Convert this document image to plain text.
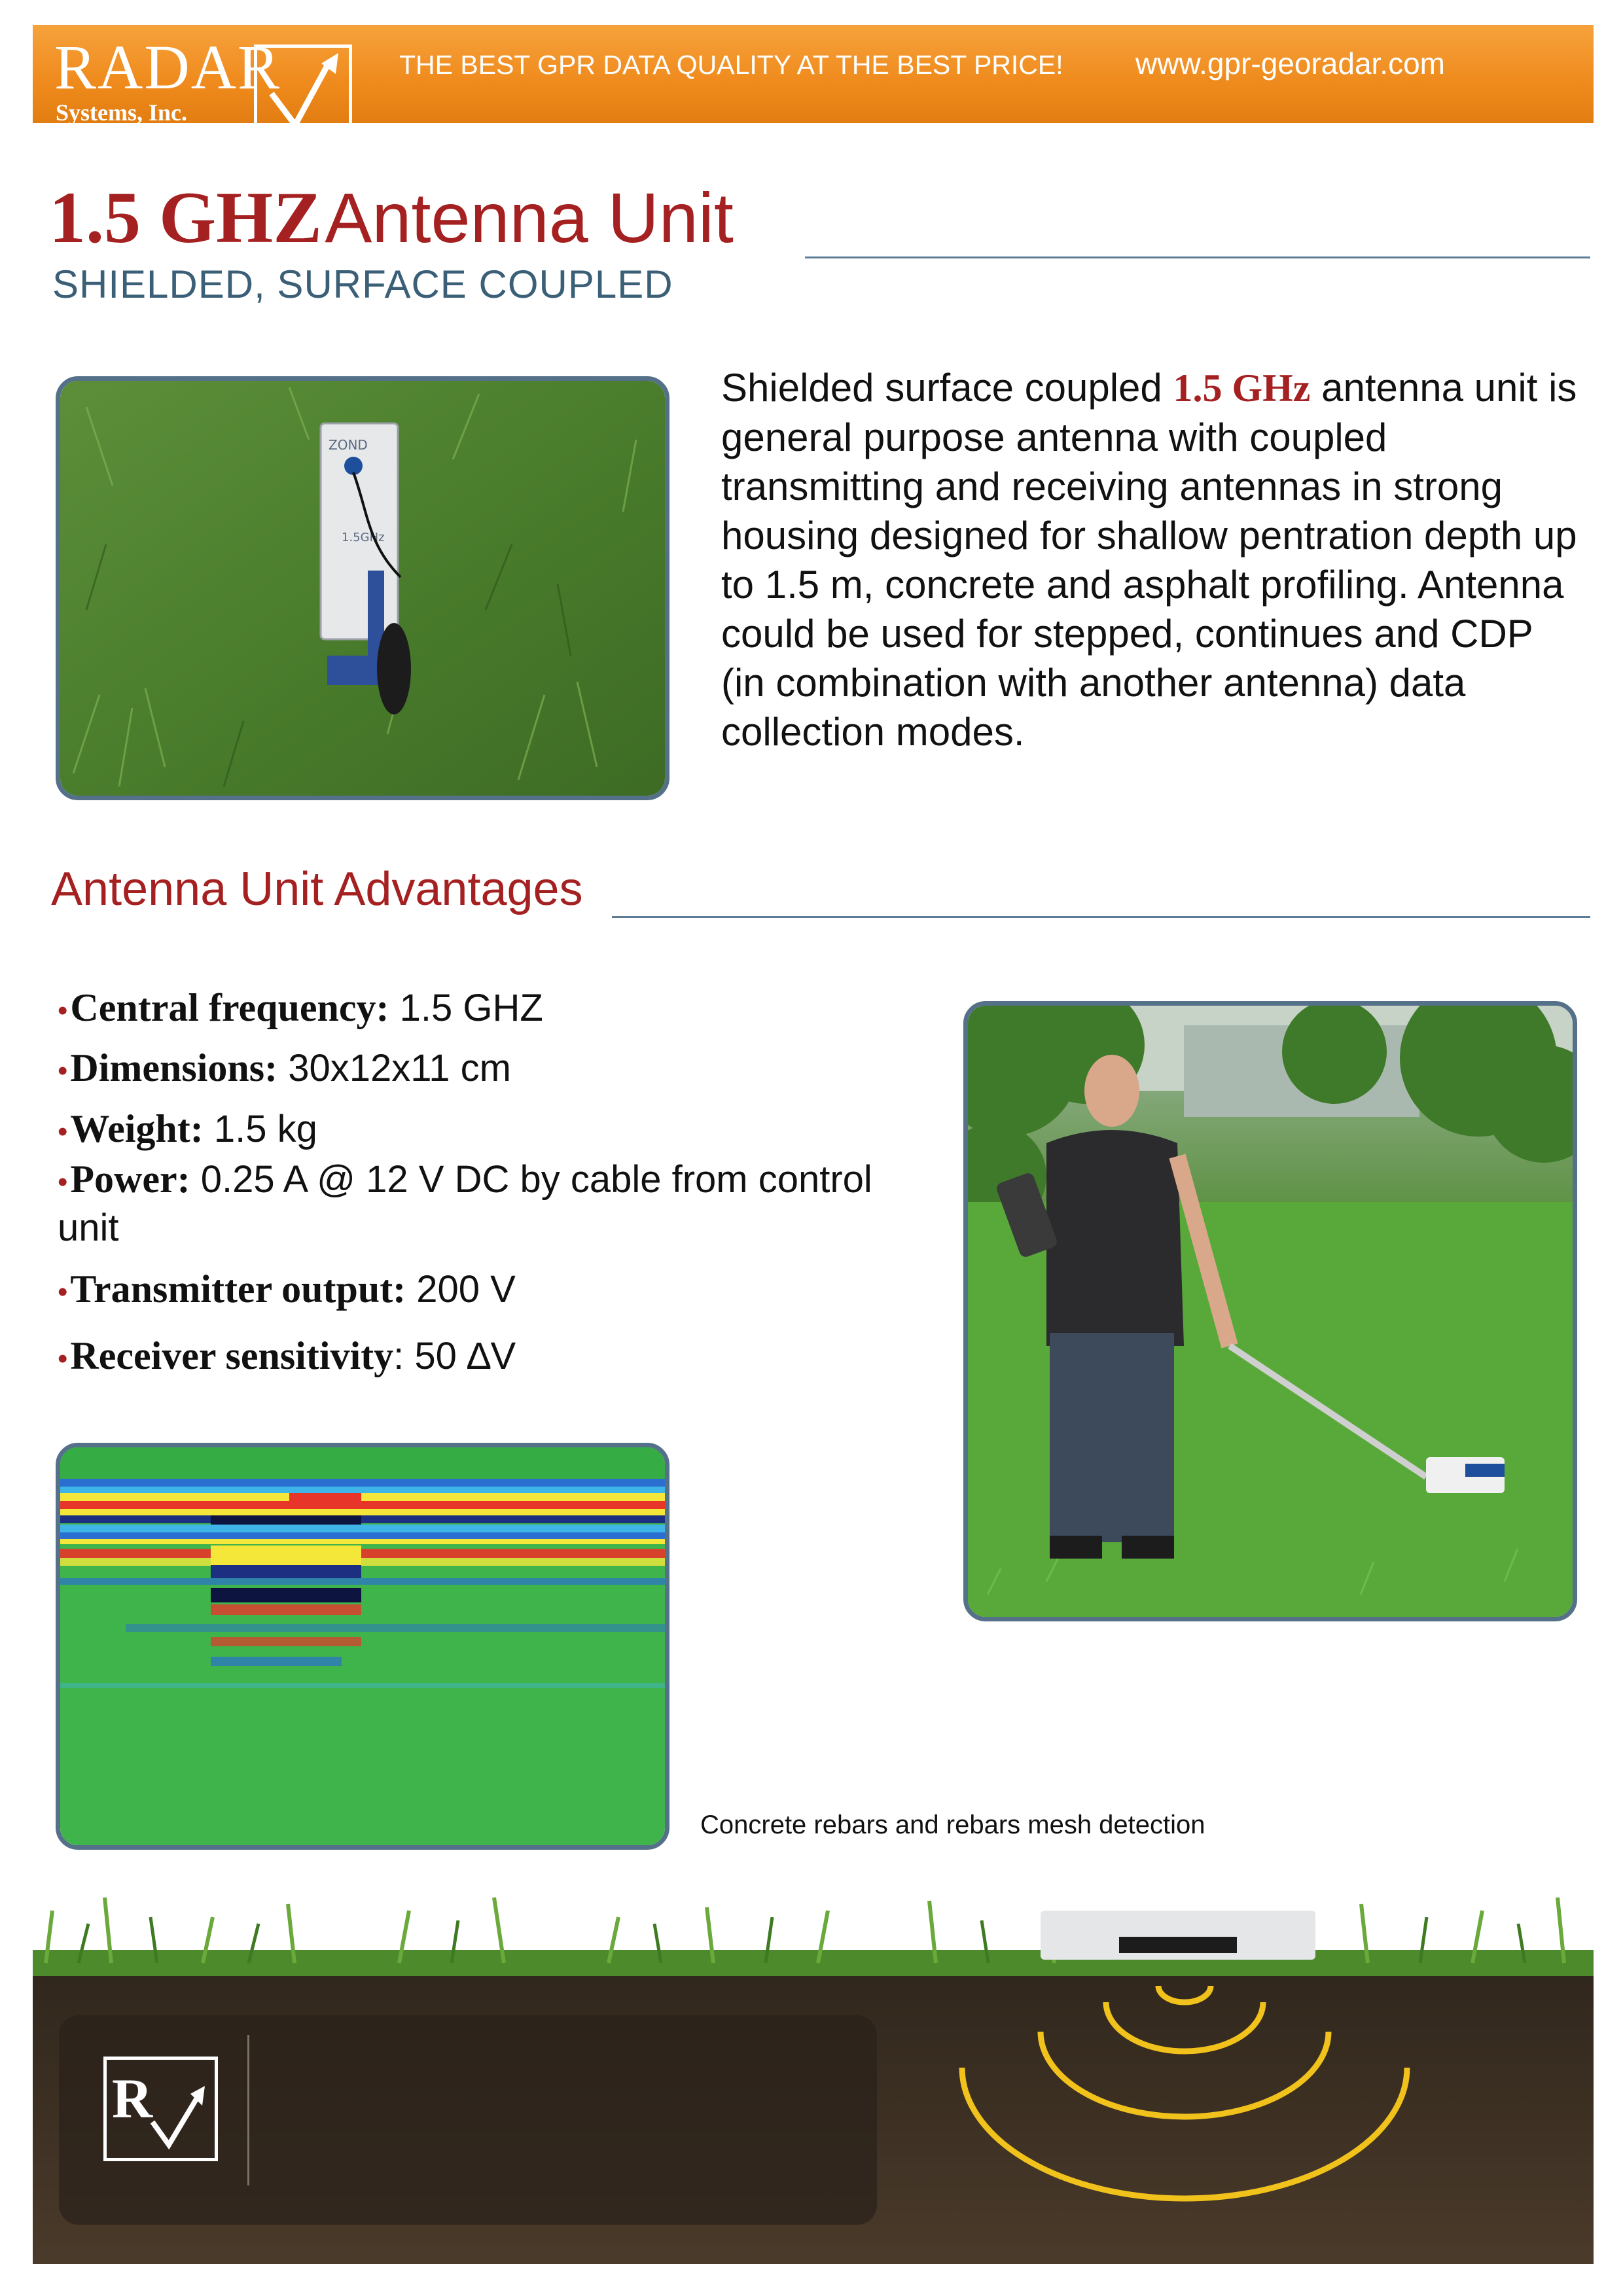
RADAR
Systems, Inc.
THE BEST GPR DATA QUALITY AT THE BEST PRICE! www.gpr-georadar.com
1.5 GHZ Antenna Unit
SHIELDED, SURFACE COUPLED
ZOND
1.5GHz
Shielded surface coupled 1.5 GHz antenna unit is general purpose antenna with coupled transmitting and receiving antennas in strong housing designed for shallow pentration depth up to 1.5 m, concrete and asphalt profiling. Antenna could be used for stepped, continues and CDP (in combination with another antenna) data collection modes.
Antenna Unit Advantages

•Central frequency: 1.5 GHZ

•Dimensions: 30x12x11 cm

•Weight: 1.5 kg

•Power: 0.25 A @ 12 V DC by cable from control unit

•Transmitter output: 200 V

•Receiver sensitivity: 50 ∆V

Concrete rebars and rebars mesh detection
R
